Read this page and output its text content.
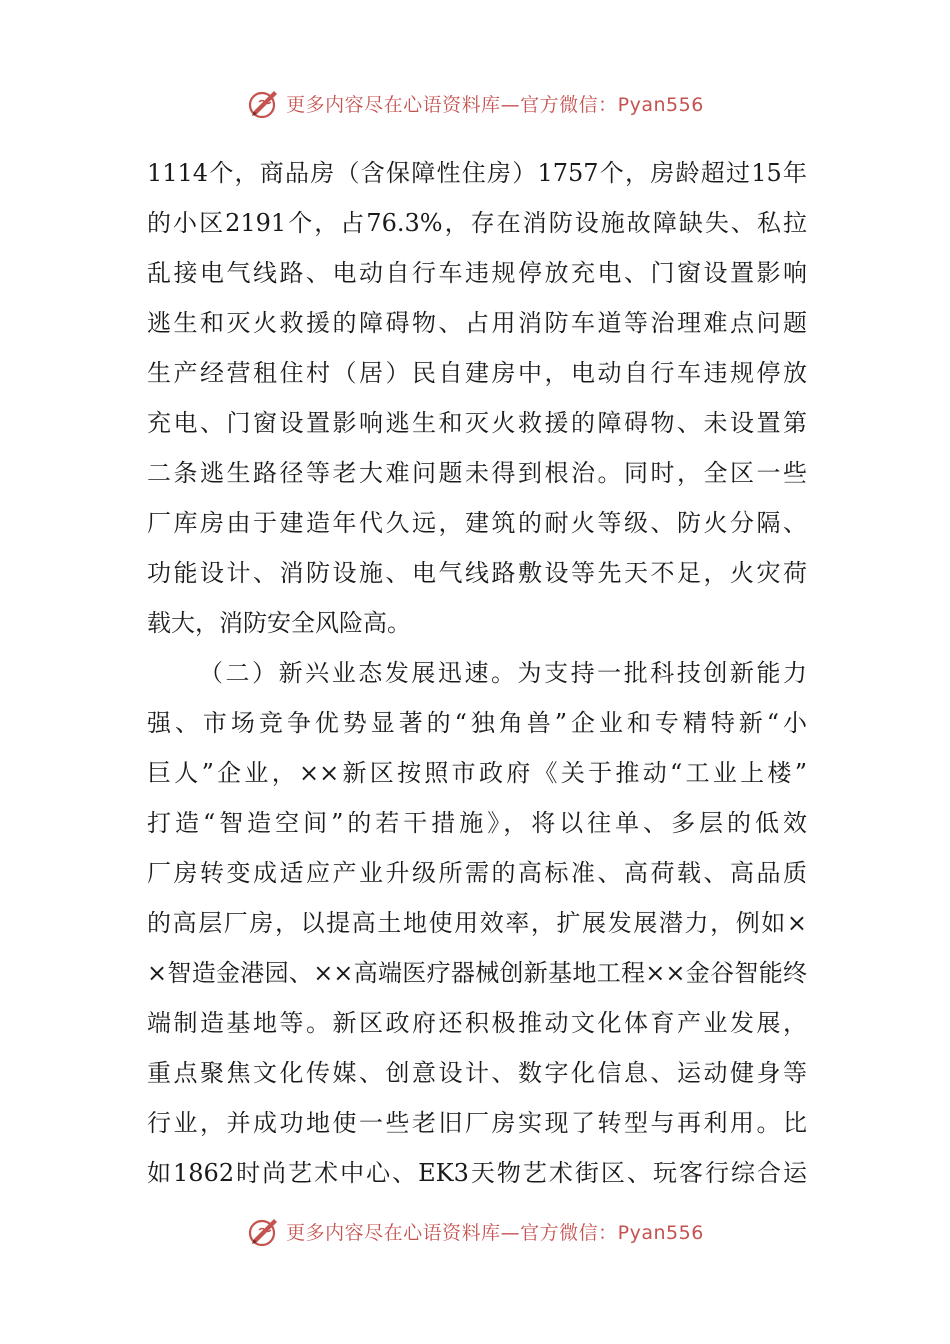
更多内容尽在心语资料库—官方微信：Pyan556
1114个，商品房（含保障性住房）1757个，房龄超过15年
的小区2191个，占76.3%，存在消防设施故障缺失、私拉
乱接电气线路、电动自行车违规停放充电、门窗设置影响
逃生和灭火救援的障碍物、占用消防车道等治理难点问题
生产经营租住村（居）民自建房中，电动自行车违规停放
充电、门窗设置影响逃生和灭火救援的障碍物、未设置第
二条逃生路径等老大难问题未得到根治。同时，全区一些
厂库房由于建造年代久远，建筑的耐火等级、防火分隔、
功能设计、消防设施、电气线路敷设等先天不足，火灾荷
载大，消防安全风险高。
（二）新兴业态发展迅速。为支持一批科技创新能力
强、市场竞争优势显著的“独角兽”企业和专精特新“小
巨人”企业，××新区按照市政府《关于推动“工业上楼”
打造“智造空间”的若干措施》，将以往单、多层的低效
厂房转变成适应产业升级所需的高标准、高荷载、高品质
的高层厂房，以提高土地使用效率，扩展发展潜力，例如×
×智造金港园、××高端医疗器械创新基地工程××金谷智能终
端制造基地等。新区政府还积极推动文化体育产业发展，
重点聚焦文化传媒、创意设计、数字化信息、运动健身等
行业，并成功地使一些老旧厂房实现了转型与再利用。比
如1862时尚艺术中心、EK3天物艺术街区、玩客行综合运
更多内容尽在心语资料库—官方微信：Pyan556
